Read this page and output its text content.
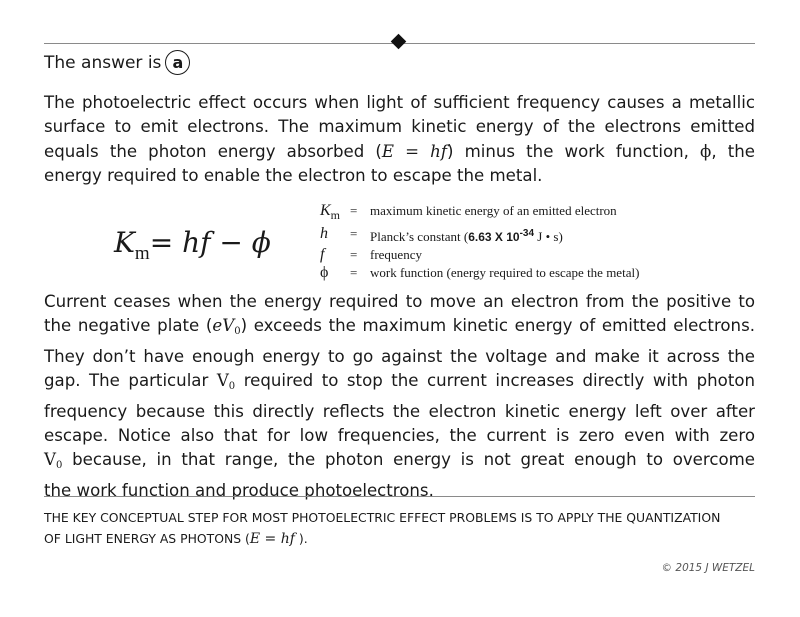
The answer is a

The photoelectric effect occurs when light of sufficient frequency causes a metallic
surface to emit electrons. The maximum kinetic energy of the electrons emitted
equals the photon energy absorbed (E = hf) minus the work function, ϕ, the
energy required to enable the electron to escape the metal.

$K_m=$ hf − ϕ
$K_m$ = maximum kinetic energy of an emitted electron
h	= Planck’s constant (6.63 X $10^{-34}$ J • s)
f	= frequency
ϕ	= work function (energy required to escape the metal)

Current ceases when the energy required to move an electron from the positive to
the negative plate (eV0) exceeds the maximum kinetic energy of emitted electrons.
They don’t have enough energy to go against the voltage and make it across the
gap. The particular V0 required to stop the current increases directly with photon
frequency because this directly reflects the electron kinetic energy left over after
escape. Notice also that for low frequencies, the current is zero even with zero
V0 because, in that range, the photon energy is not great enough to overcome
the work function and produce photoelectrons.

THE KEY CONCEPTUAL STEP FOR MOST PHOTOELECTRIC EFFECT PROBLEMS IS TO APPLY THE QUANTIZATION
OF LIGHT ENERGY AS PHOTONS (E = hf ).
© 2015 J WETZEL
